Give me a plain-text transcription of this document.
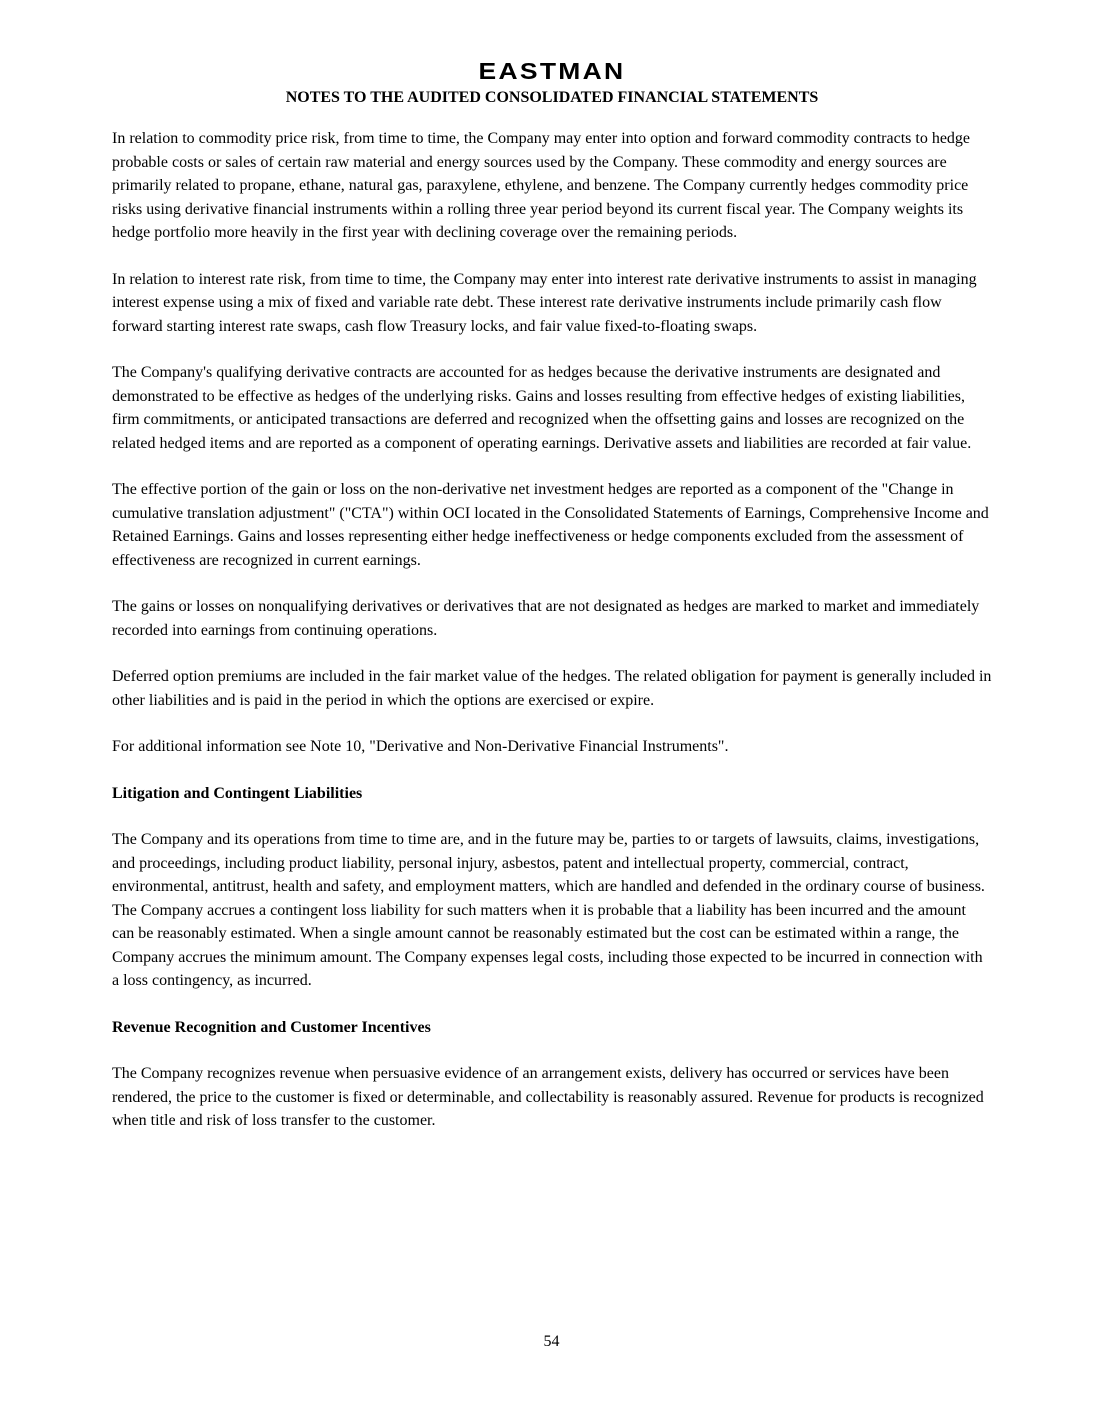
EASTMAN
NOTES TO THE AUDITED CONSOLIDATED FINANCIAL STATEMENTS

In relation to commodity price risk, from time to time, the Company may enter into option and forward commodity contracts to hedge probable costs or sales of certain raw material and energy sources used by the Company. These commodity and energy sources are primarily related to propane, ethane, natural gas, paraxylene, ethylene, and benzene. The Company currently hedges commodity price risks using derivative financial instruments within a rolling three year period beyond its current fiscal year. The Company weights its hedge portfolio more heavily in the first year with declining coverage over the remaining periods.

In relation to interest rate risk, from time to time, the Company may enter into interest rate derivative instruments to assist in managing interest expense using a mix of fixed and variable rate debt. These interest rate derivative instruments include primarily cash flow forward starting interest rate swaps, cash flow Treasury locks, and fair value fixed-to-floating swaps.

The Company's qualifying derivative contracts are accounted for as hedges because the derivative instruments are designated and demonstrated to be effective as hedges of the underlying risks. Gains and losses resulting from effective hedges of existing liabilities, firm commitments, or anticipated transactions are deferred and recognized when the offsetting gains and losses are recognized on the related hedged items and are reported as a component of operating earnings. Derivative assets and liabilities are recorded at fair value.

The effective portion of the gain or loss on the non-derivative net investment hedges are reported as a component of the "Change in cumulative translation adjustment" ("CTA") within OCI located in the Consolidated Statements of Earnings, Comprehensive Income and Retained Earnings. Gains and losses representing either hedge ineffectiveness or hedge components excluded from the assessment of effectiveness are recognized in current earnings.

The gains or losses on nonqualifying derivatives or derivatives that are not designated as hedges are marked to market and immediately recorded into earnings from continuing operations.

Deferred option premiums are included in the fair market value of the hedges. The related obligation for payment is generally included in other liabilities and is paid in the period in which the options are exercised or expire.

For additional information see Note 10, "Derivative and Non-Derivative Financial Instruments".

Litigation and Contingent Liabilities

The Company and its operations from time to time are, and in the future may be, parties to or targets of lawsuits, claims, investigations, and proceedings, including product liability, personal injury, asbestos, patent and intellectual property, commercial, contract, environmental, antitrust, health and safety, and employment matters, which are handled and defended in the ordinary course of business. The Company accrues a contingent loss liability for such matters when it is probable that a liability has been incurred and the amount can be reasonably estimated. When a single amount cannot be reasonably estimated but the cost can be estimated within a range, the Company accrues the minimum amount. The Company expenses legal costs, including those expected to be incurred in connection with a loss contingency, as incurred.

Revenue Recognition and Customer Incentives

The Company recognizes revenue when persuasive evidence of an arrangement exists, delivery has occurred or services have been rendered, the price to the customer is fixed or determinable, and collectability is reasonably assured. Revenue for products is recognized when title and risk of loss transfer to the customer.

54
